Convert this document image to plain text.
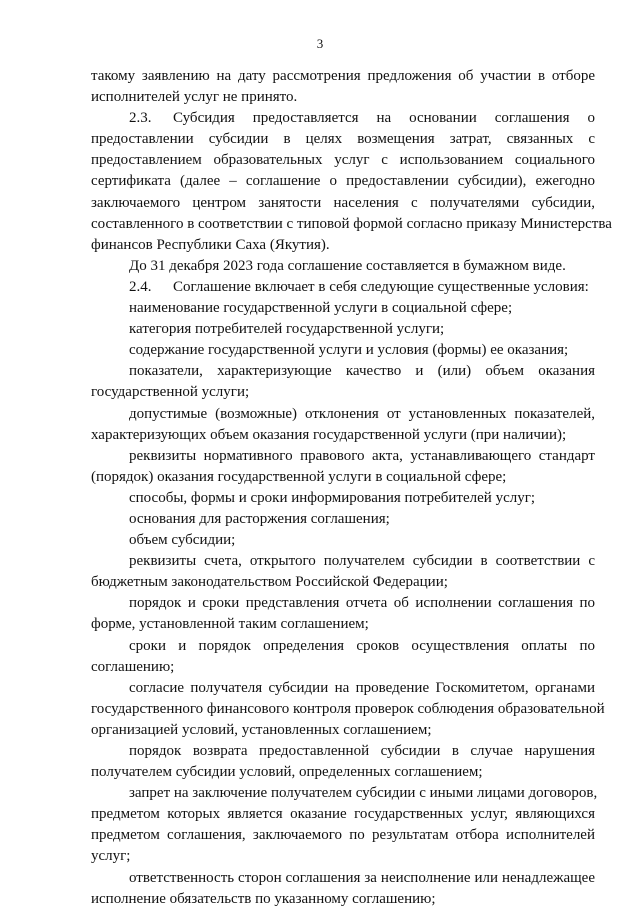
3
такому заявлению на дату рассмотрения предложения об участии в отборе
исполнителей услуг не принято.
2.3. Субсидия предоставляется на основании соглашения о
предоставлении субсидии в целях возмещения затрат, связанных с
предоставлением образовательных услуг с использованием социального
сертификата (далее – соглашение о предоставлении субсидии), ежегодно
заключаемого центром занятости населения с получателями субсидии,
составленного в соответствии с типовой формой согласно приказу Министерства
финансов Республики Саха (Якутия).
До 31 декабря 2023 года соглашение составляется в бумажном виде.
2.4. Соглашение включает в себя следующие существенные условия:
наименование государственной услуги в социальной сфере;
категория потребителей государственной услуги;
содержание государственной услуги и условия (формы) ее оказания;
показатели, характеризующие качество и (или) объем оказания
государственной услуги;
допустимые (возможные) отклонения от установленных показателей,
характеризующих объем оказания государственной услуги (при наличии);
реквизиты нормативного правового акта, устанавливающего стандарт
(порядок) оказания государственной услуги в социальной сфере;
способы, формы и сроки информирования потребителей услуг;
основания для расторжения соглашения;
объем субсидии;
реквизиты счета, открытого получателем субсидии в соответствии с
бюджетным законодательством Российской Федерации;
порядок и сроки представления отчета об исполнении соглашения по
форме, установленной таким соглашением;
сроки и порядок определения сроков осуществления оплаты по
соглашению;
согласие получателя субсидии на проведение Госкомитетом, органами
государственного финансового контроля проверок соблюдения образовательной
организацией условий, установленных соглашением;
порядок возврата предоставленной субсидии в случае нарушения
получателем субсидии условий, определенных соглашением;
запрет на заключение получателем субсидии с иными лицами договоров,
предметом которых является оказание государственных услуг, являющихся
предметом соглашения, заключаемого по результатам отбора исполнителей
услуг;
ответственность сторон соглашения за неисполнение или ненадлежащее
исполнение обязательств по указанному соглашению;
